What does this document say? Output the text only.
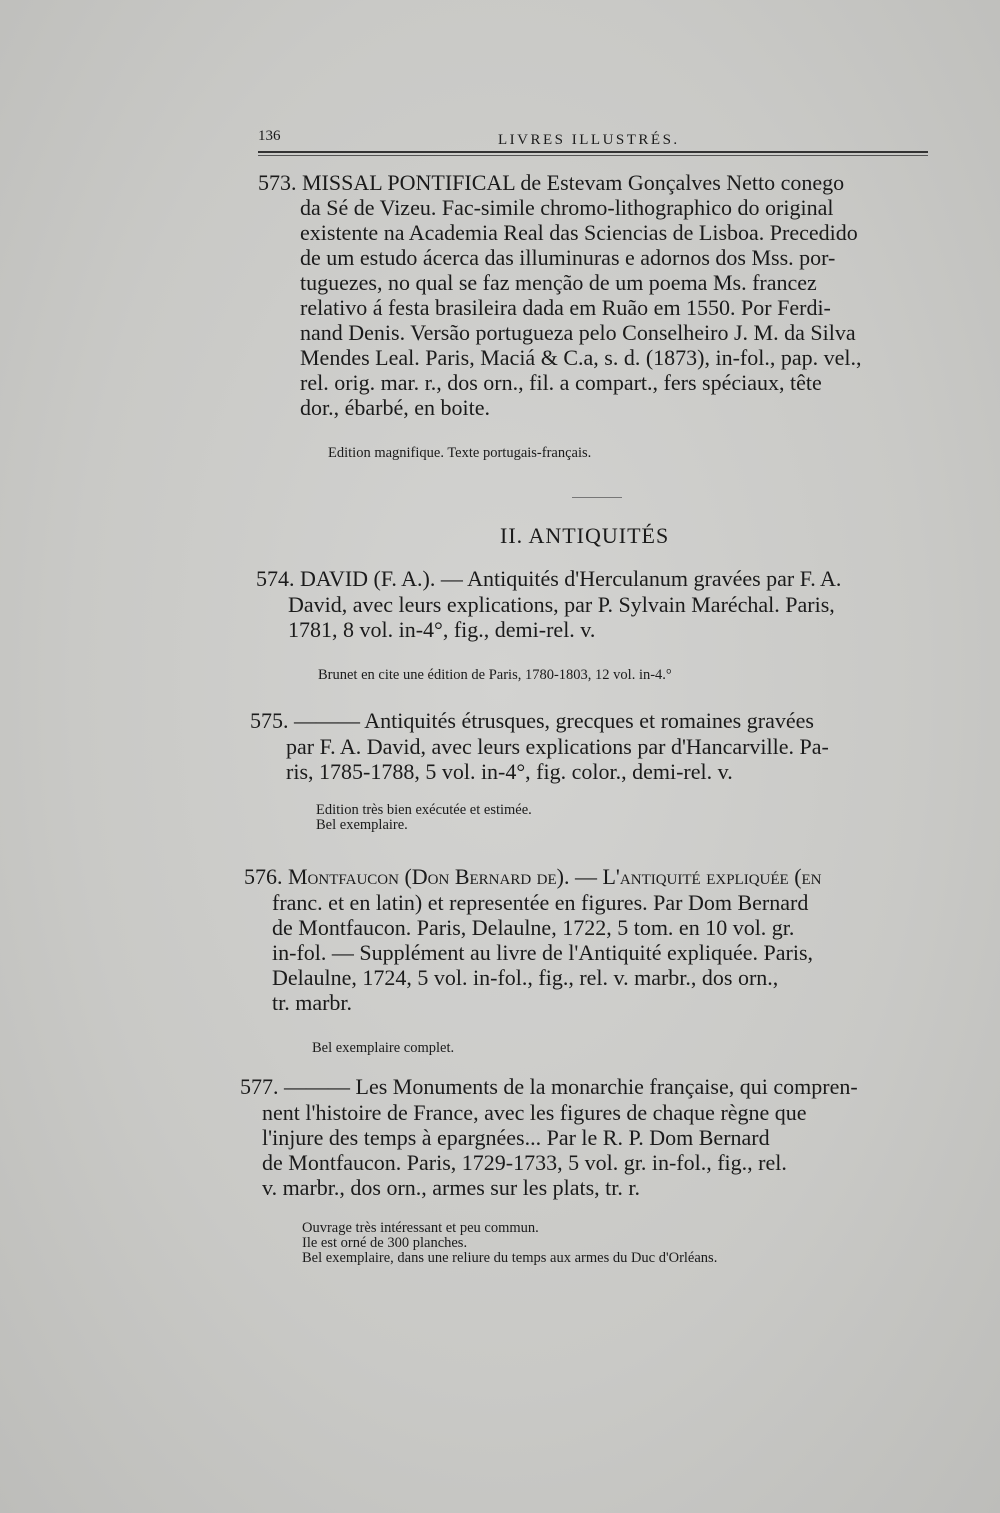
136	LIVRES ILLUSTRÉS.
573. MISSAL PONTIFICAL de Estevam Gonçalves Netto conego
da Sé de Vizeu. Fac-simile chromo-lithographico do original
existente na Academia Real das Sciencias de Lisboa. Precedido
de um estudo ácerca das illuminuras e adornos dos Mss. por-
tuguezes, no qual se faz menção de um poema Ms. francez
relativo á festa brasileira dada em Ruão em 1550. Por Ferdi-
nand Denis. Versão portugueza pelo Conselheiro J. M. da Silva
Mendes Leal. Paris, Maciá & C.a, s. d. (1873), in-fol., pap. vel.,
rel. orig. mar. r., dos orn., fil. a compart., fers spéciaux, tête
dor., ébarbé, en boite.
Edition magnifique. Texte portugais-français.
II. ANTIQUITÉS
574. DAVID (F. A.). — Antiquités d'Herculanum gravées par F. A.
David, avec leurs explications, par P. Sylvain Maréchal. Paris,
1781, 8 vol. in-4°, fig., demi-rel. v.
Brunet en cite une édition de Paris, 1780-1803, 12 vol. in-4.°
575. ——— Antiquités étrusques, grecques et romaines gravées
par F. A. David, avec leurs explications par d'Hancarville. Pa-
ris, 1785-1788, 5 vol. in-4°, fig. color., demi-rel. v.
Edition très bien exécutée et estimée.
Bel exemplaire.
576. Montfaucon (Don Bernard de). — L'antiquité expliquée (en
franc. et en latin) et representée en figures. Par Dom Bernard
de Montfaucon. Paris, Delaulne, 1722, 5 tom. en 10 vol. gr.
in-fol. — Supplément au livre de l'Antiquité expliquée. Paris,
Delaulne, 1724, 5 vol. in-fol., fig., rel. v. marbr., dos orn.,
tr. marbr.
Bel exemplaire complet.
577. ——— Les Monuments de la monarchie française, qui compren-
nent l'histoire de France, avec les figures de chaque règne que
l'injure des temps à epargnées... Par le R. P. Dom Bernard
de Montfaucon. Paris, 1729-1733, 5 vol. gr. in-fol., fig., rel.
v. marbr., dos orn., armes sur les plats, tr. r.
Ouvrage très intéressant et peu commun.
Ile est orné de 300 planches.
Bel exemplaire, dans une reliure du temps aux armes du Duc d'Orléans.
